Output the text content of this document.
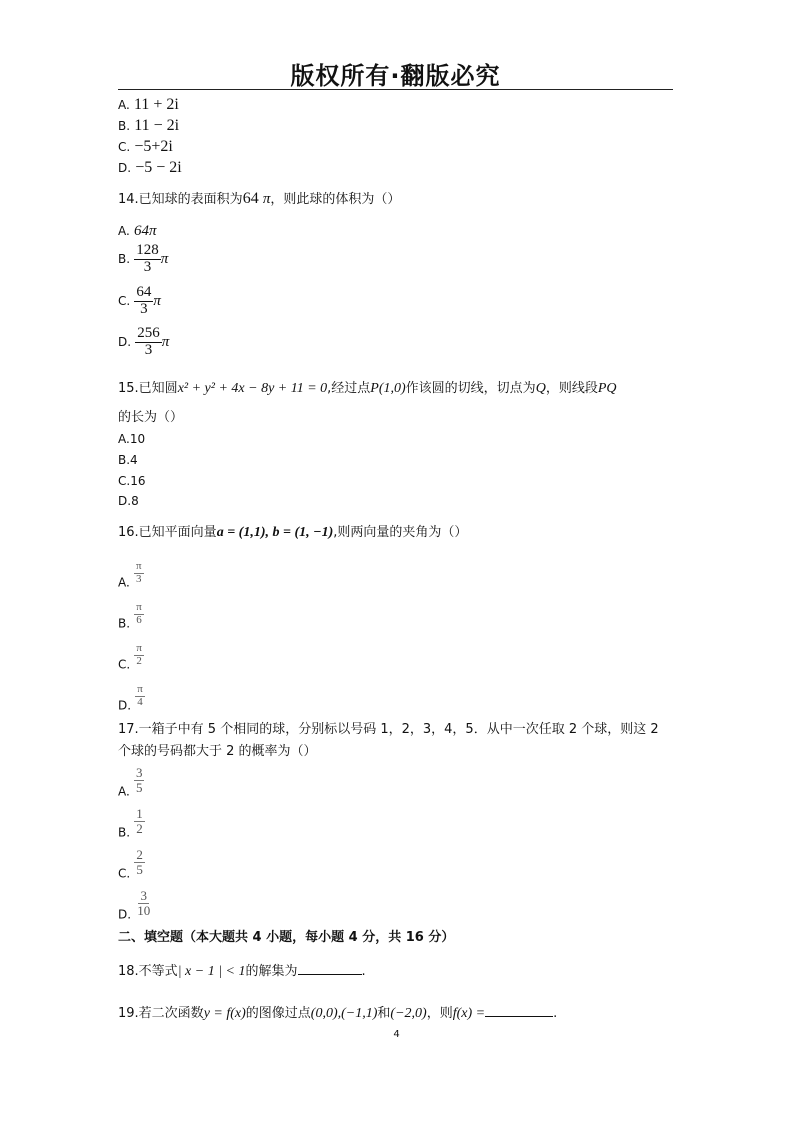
版权所有·翻版必究
A. 11 + 2i
B. 11 − 2i
C. −5+2i
D. −5 − 2i
14.已知球的表面积为64 π，则此球的体积为（）
A. 64π
B. $\frac{128}{3}$ π
C. $\frac{64}{3}$ π
D. $\frac{256}{3}$ π
15.已知圆x² + y² + 4x − 8y + 11 = 0,经过点P(1,0)作该圆的切线，切点为Q，则线段PQ
的长为（）
A.10
B.4
C.16
D.8
16.已知平面向量a = (1,1), b = (1, −1),则两向量的夹角为（）
A. $\frac{\pi}{3}$
B. $\frac{\pi}{6}$
C. $\frac{\pi}{2}$
D. $\frac{\pi}{4}$
17.一箱子中有 5 个相同的球，分别标以号码 1，2，3，4，5．从中一次任取 2 个球，则这 2
个球的号码都大于 2 的概率为（）
A. $\frac{3}{5}$
B. $\frac{1}{2}$
C. $\frac{2}{5}$
D. $\frac{3}{10}$
二、填空题（本大题共 4 小题，每小题 4 分，共 16 分）
18.不等式| x − 1 | < 1的解集为	.
19.若二次函数y = f(x)的图像过点(0,0),(−1,1)和(−2,0)，则f(x) =	.
4
